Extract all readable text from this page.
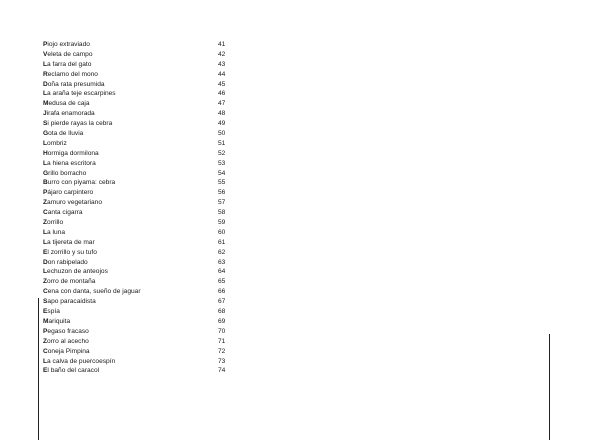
Piojo extraviado	41
Veleta de campo	42
La farra del gato	43
Reclamo del mono	44
Doña rata presumida	45
La araña teje escarpines	46
Medusa de caja	47
Jirafa enamorada	48
Si pierde rayas la cebra	49
Gota de lluvia	50
Lombriz	51
Hormiga dormilona	52
La hiena escritora	53
Grillo borracho	54
Burro con piyama: cebra	55
Pájaro carpintero	56
Zamuro vegetariano	57
Canta cigarra	58
Zorrillo	59
La luna	60
La tijereta de mar	61
El zorrillo y su tufo	62
Don rabipelado	63
Lechuzon de anteojos	64
Zorro de montaña	65
Cena con danta, sueño de jaguar	66
Sapo paracaidista	67
Espía	68
Mariquita	69
Pegaso fracaso	70
Zorro al acecho	71
Coneja Pimpina	72
La calva de puercoespín	73
El baño del caracol	74
